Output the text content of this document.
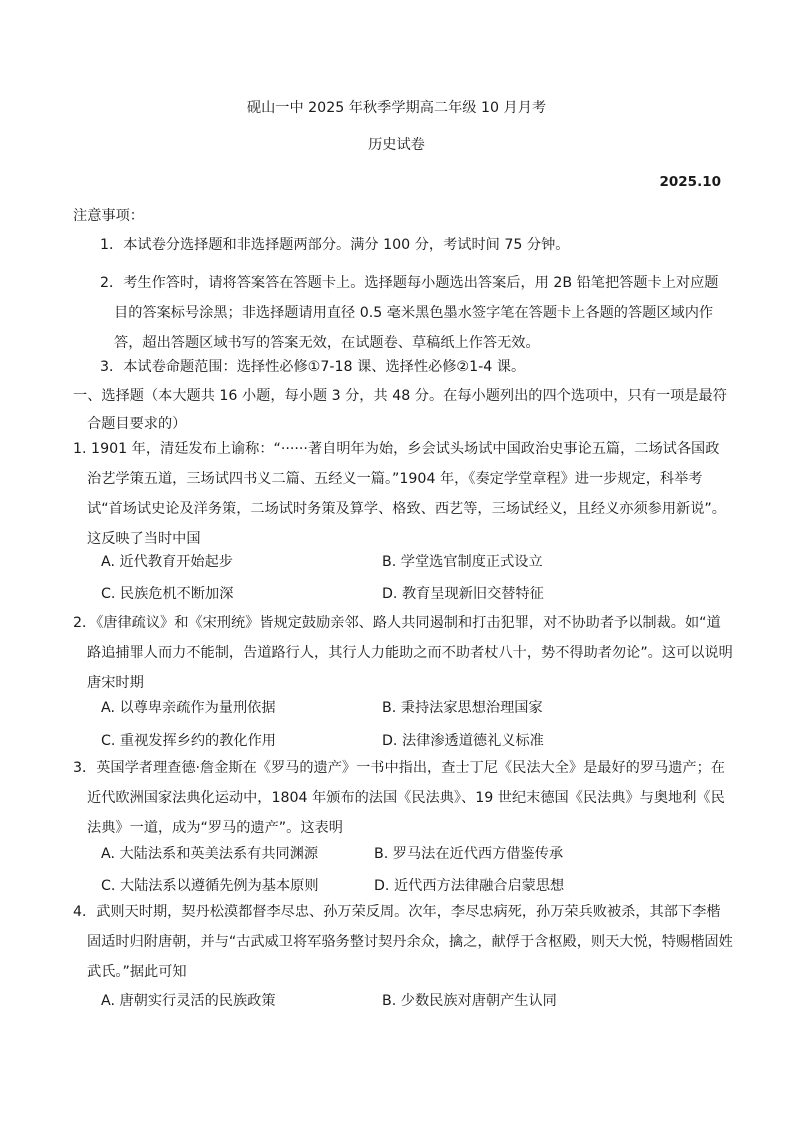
砚山一中 2025 年秋季学期高二年级 10 月月考
历史试卷
2025.10
注意事项：
1．本试卷分选择题和非选择题两部分。满分 100 分，考试时间 75 分钟。
2．考生作答时，请将答案答在答题卡上。选择题每小题选出答案后，用 2B 铅笔把答题卡上对应题目的答案标号涂黑；非选择题请用直径 0.5 毫米黑色墨水签字笔在答题卡上各题的答题区域内作答，超出答题区域书写的答案无效，在试题卷、草稿纸上作答无效。
3．本试卷命题范围：选择性必修①7-18 课、选择性必修②1-4 课。
一、选择题（本大题共 16 小题，每小题 3 分，共 48 分。在每小题列出的四个选项中，只有一项是最符合题目要求的）
1. 1901 年，清廷发布上谕称：“······著自明年为始，乡会试头场试中国政治史事论五篇，二场试各国政治艺学策五道，三场试四书义二篇、五经义一篇。”1904 年，《奏定学堂章程》进一步规定，科举考试“首场试史论及洋务策，二场试时务策及算学、格致、西艺等，三场试经义，且经义亦须参用新说”。这反映了当时中国
A. 近代教育开始起步	B. 学堂选官制度正式设立
C. 民族危机不断加深	D. 教育呈现新旧交替特征
2．《唐律疏议》和《宋刑统》皆规定鼓励亲邻、路人共同遏制和打击犯罪，对不协助者予以制裁。如“道路追捕罪人而力不能制，告道路行人，其行人力能助之而不助者杖八十，势不得助者勿论”。这可以说明唐宋时期
A. 以尊卑亲疏作为量刑依据	B. 秉持法家思想治理国家
C. 重视发挥乡约的教化作用	D. 法律渗透道德礼义标准
3．英国学者理查德·詹金斯在《罗马的遗产》一书中指出，查士丁尼《民法大全》是最好的罗马遗产；在近代欧洲国家法典化运动中，1804 年颁布的法国《民法典》、19 世纪末德国《民法典》与奥地利《民法典》一道，成为“罗马的遗产”。这表明
A. 大陆法系和英美法系有共同渊源	B. 罗马法在近代西方借鉴传承
C. 大陆法系以遵循先例为基本原则	D. 近代西方法律融合启蒙思想
4．武则天时期，契丹松漠都督李尽忠、孙万荣反周。次年，李尽忠病死，孙万荣兵败被杀，其部下李楷固适时归附唐朝，并与“古武威卫将军骆务整讨契丹余众，擒之，献俘于含枢殿，则天大悦，特赐楷固姓武氏。”据此可知
A. 唐朝实行灵活的民族政策	B. 少数民族对唐朝产生认同
